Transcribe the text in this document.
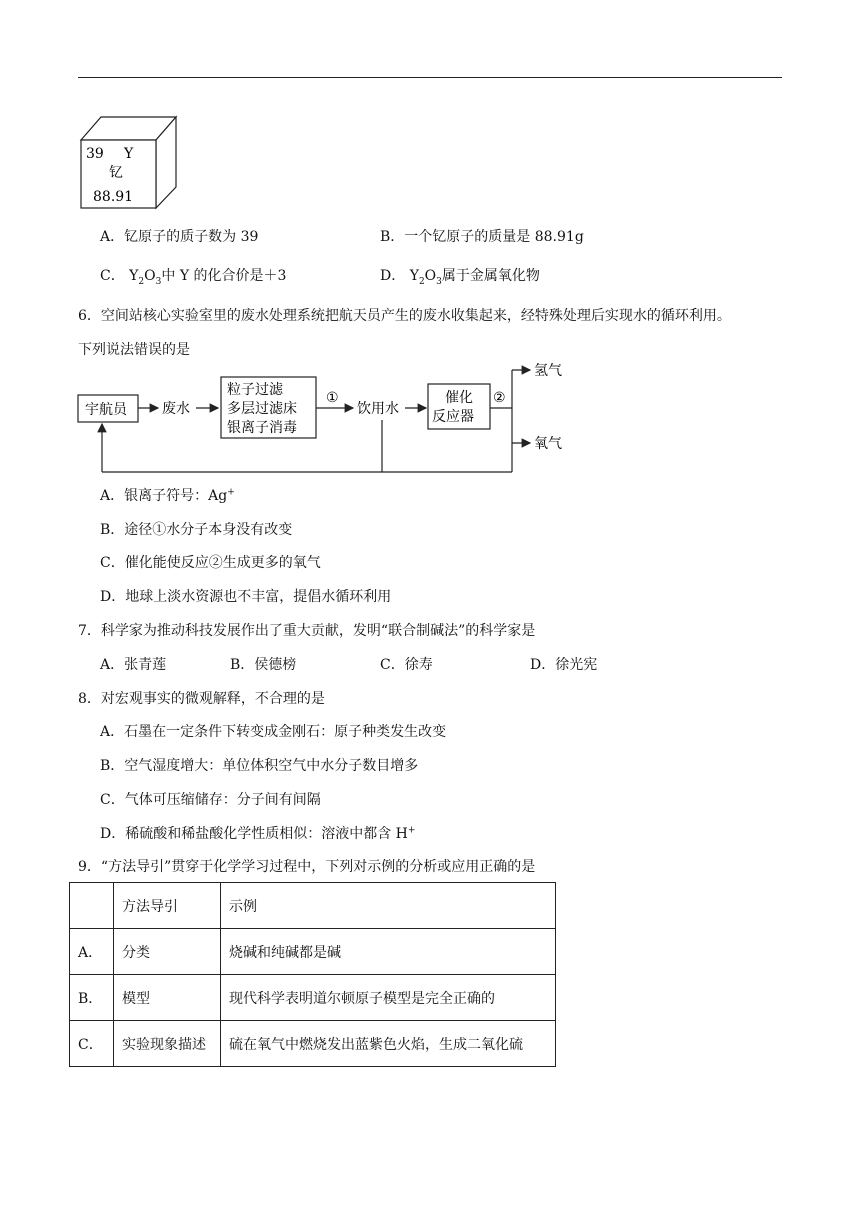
39 Y
钇
88.91
A．钇原子的质子数为 39	B．一个钇原子的质量是 88.91g
C． $Y_2O_3$中 Y 的化合价是＋3	D． $Y_2O_3$属于金属氧化物
6．空间站核心实验室里的废水处理系统把航天员产生的废水收集起来，经特殊处理后实现水的循环利用。
下列说法错误的是
宇航员	废水
粒子过滤
多层过滤床
银离子消毒
①
饮用水
催化
反应器
②
氢气
氧气
A．银离子符号：Ag+
B．途径①水分子本身没有改变
C．催化能使反应②生成更多的氧气
D．地球上淡水资源也不丰富，提倡水循环利用
7．科学家为推动科技发展作出了重大贡献，发明“联合制碱法”的科学家是
A．张青莲	B．侯德榜	C．徐寿	D．徐光宪
8．对宏观事实的微观解释，不合理的是
A．石墨在一定条件下转变成金刚石：原子种类发生改变
B．空气湿度增大：单位体积空气中水分子数目增多
C．气体可压缩储存：分子间有间隔
D．稀硫酸和稀盐酸化学性质相似：溶液中都含 H+
9．“方法导引”贯穿于化学学习过程中，下列对示例的分析或应用正确的是
	方法导引	示例
A．	分类	烧碱和纯碱都是碱
B．	模型	现代科学表明道尔顿原子模型是完全正确的
C．	实验现象描述	硫在氧气中燃烧发出蓝紫色火焰，生成二氧化硫
